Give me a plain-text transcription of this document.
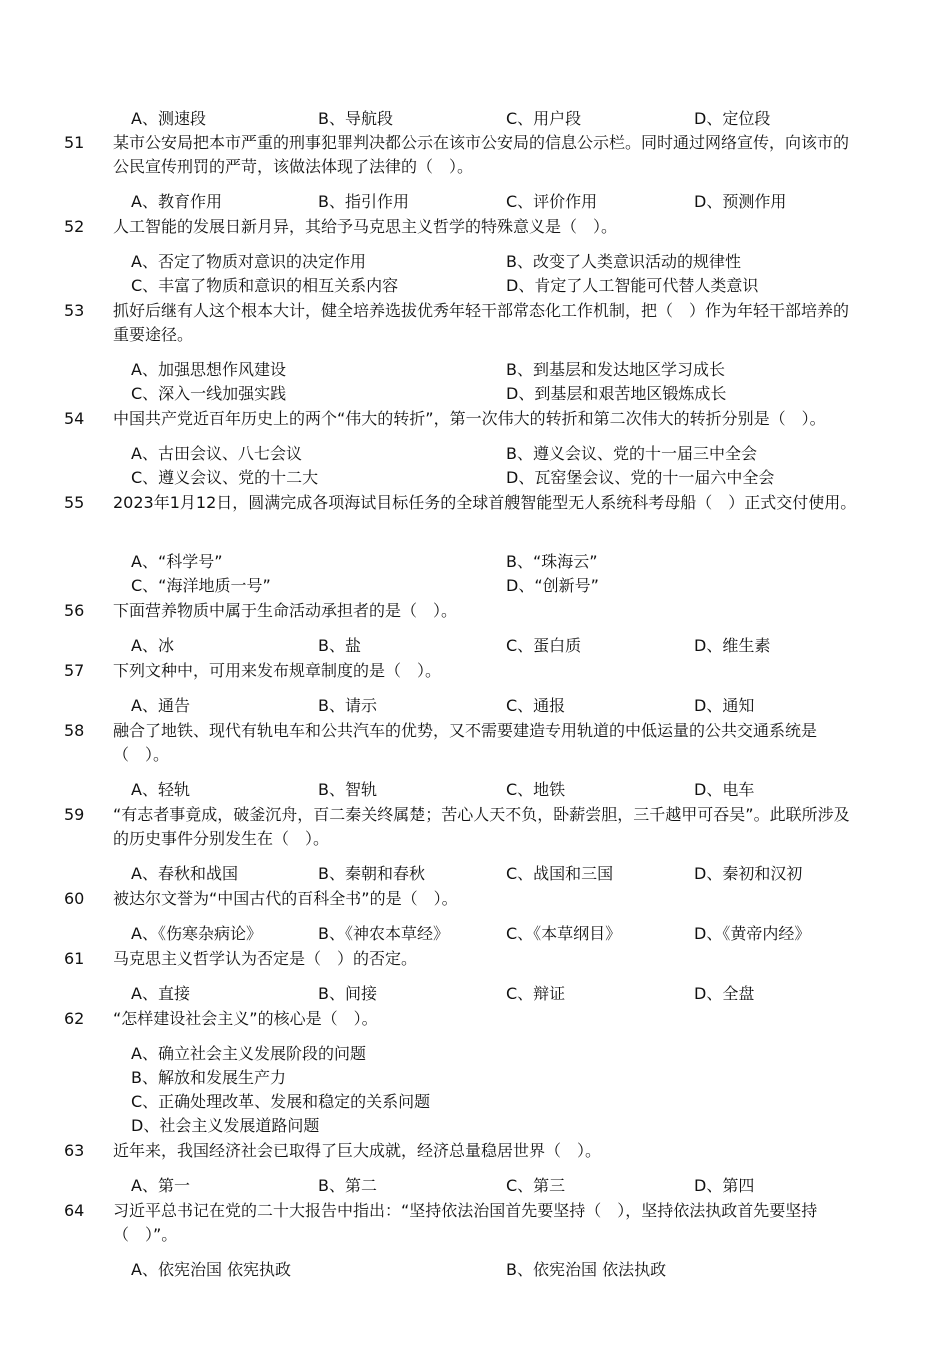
A、测速段	B、导航段	C、用户段	D、定位段
51	某市公安局把本市严重的刑事犯罪判决都公示在该市公安局的信息公示栏。同时通过网络宣传，向该市的公民宣传刑罚的严苛，该做法体现了法律的（　）。
A、教育作用	B、指引作用	C、评价作用	D、预测作用
52	人工智能的发展日新月异，其给予马克思主义哲学的特殊意义是（　）。
A、否定了物质对意识的决定作用	B、改变了人类意识活动的规律性
C、丰富了物质和意识的相互关系内容	D、肯定了人工智能可代替人类意识
53	抓好后继有人这个根本大计，健全培养选拔优秀年轻干部常态化工作机制，把（　）作为年轻干部培养的重要途径。
A、加强思想作风建设	B、到基层和发达地区学习成长
C、深入一线加强实践	D、到基层和艰苦地区锻炼成长
54	中国共产党近百年历史上的两个“伟大的转折”，第一次伟大的转折和第二次伟大的转折分别是（　）。
A、古田会议、八七会议	B、遵义会议、党的十一届三中全会
C、遵义会议、党的十二大	D、瓦窑堡会议、党的十一届六中全会
55	2023年1月12日，圆满完成各项海试目标任务的全球首艘智能型无人系统科考母船（　）正式交付使用。
A、“科学号”	B、“珠海云”
C、“海洋地质一号”	D、“创新号”
56	下面营养物质中属于生命活动承担者的是（　）。
A、冰	B、盐	C、蛋白质	D、维生素
57	下列文种中，可用来发布规章制度的是（　）。
A、通告	B、请示	C、通报	D、通知
58	融合了地铁、现代有轨电车和公共汽车的优势，又不需要建造专用轨道的中低运量的公共交通系统是（　）。
A、轻轨	B、智轨	C、地铁	D、电车
59	“有志者事竟成，破釜沉舟，百二秦关终属楚；苦心人天不负，卧薪尝胆，三千越甲可吞吴”。此联所涉及的历史事件分别发生在（　）。
A、春秋和战国	B、秦朝和春秋	C、战国和三国	D、秦初和汉初
60	被达尔文誉为“中国古代的百科全书”的是（　）。
A、《伤寒杂病论》	B、《神农本草经》	C、《本草纲目》	D、《黄帝内经》
61	马克思主义哲学认为否定是（　）的否定。
A、直接	B、间接	C、辩证	D、全盘
62	“怎样建设社会主义”的核心是（　）。
A、确立社会主义发展阶段的问题
B、解放和发展生产力
C、正确处理改革、发展和稳定的关系问题
D、社会主义发展道路问题
63	近年来，我国经济社会已取得了巨大成就，经济总量稳居世界（　）。
A、第一	B、第二	C、第三	D、第四
64	习近平总书记在党的二十大报告中指出：“坚持依法治国首先要坚持（　），坚持依法执政首先要坚持（　）”。
A、依宪治国 依宪执政	B、依宪治国 依法执政
